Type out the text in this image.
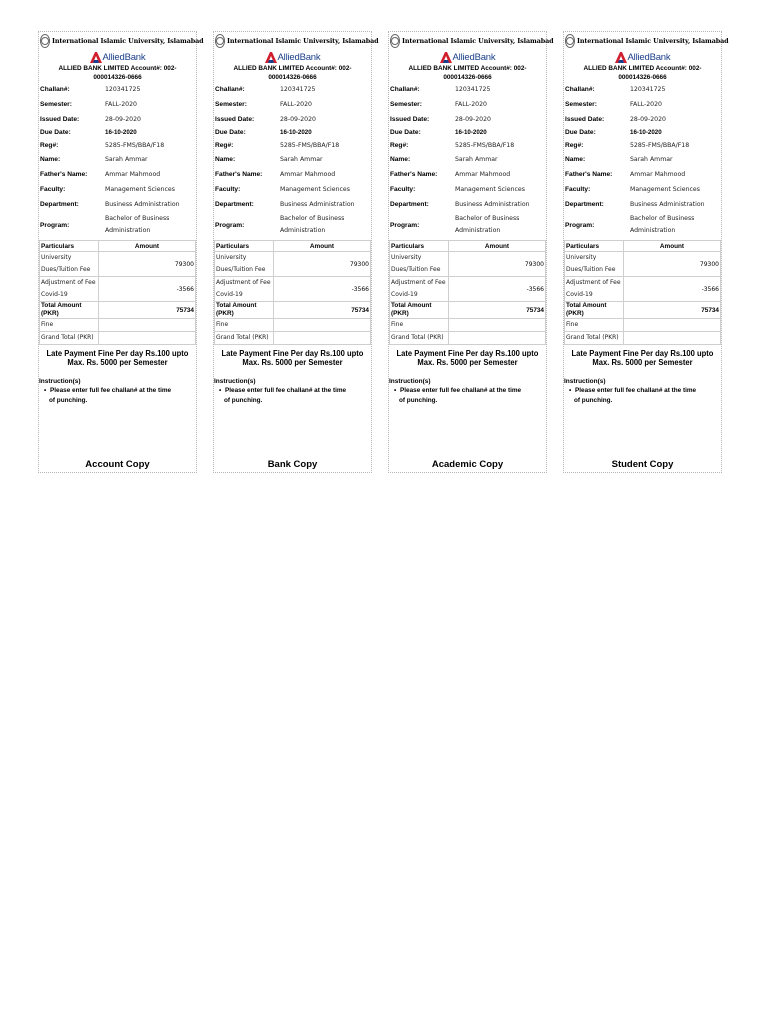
International Islamic University, Islamabad
AlliedBank
ALLIED BANK LIMITED Account#: 002-
000014326-0666
Challan#:	120341725
Semester:	FALL-2020
Issued Date:	28-09-2020
Due Date:	16-10-2020
Reg#:	5285-FMS/BBA/F18
Name:	Sarah Ammar
Father's Name:	Ammar Mahmood
Faculty:	Management Sciences
Department:	Business Administration
Program:	Bachelor of Business Administration
Particulars	Amount
University Dues/Tuition Fee	79300
Adjustment of Fee Covid-19	-3566
Total Amount (PKR)	75734
Fine	
Grand Total (PKR)	
Late Payment Fine Per day Rs.100 upto Max. Rs. 5000 per Semester
Instruction(s)
• Please enter full fee challan# at the time
of punching.
Account Copy
International Islamic University, Islamabad
AlliedBank
ALLIED BANK LIMITED Account#: 002-
000014326-0666
Challan#:	120341725
Semester:	FALL-2020
Issued Date:	28-09-2020
Due Date:	16-10-2020
Reg#:	5285-FMS/BBA/F18
Name:	Sarah Ammar
Father's Name:	Ammar Mahmood
Faculty:	Management Sciences
Department:	Business Administration
Program:	Bachelor of Business Administration
Particulars	Amount
University Dues/Tuition Fee	79300
Adjustment of Fee Covid-19	-3566
Total Amount (PKR)	75734
Fine	
Grand Total (PKR)	
Late Payment Fine Per day Rs.100 upto Max. Rs. 5000 per Semester
Instruction(s)
• Please enter full fee challan# at the time
of punching.
Bank Copy
International Islamic University, Islamabad
AlliedBank
ALLIED BANK LIMITED Account#: 002-
000014326-0666
Challan#:	120341725
Semester:	FALL-2020
Issued Date:	28-09-2020
Due Date:	16-10-2020
Reg#:	5285-FMS/BBA/F18
Name:	Sarah Ammar
Father's Name:	Ammar Mahmood
Faculty:	Management Sciences
Department:	Business Administration
Program:	Bachelor of Business Administration
Particulars	Amount
University Dues/Tuition Fee	79300
Adjustment of Fee Covid-19	-3566
Total Amount (PKR)	75734
Fine	
Grand Total (PKR)	
Late Payment Fine Per day Rs.100 upto Max. Rs. 5000 per Semester
Instruction(s)
• Please enter full fee challan# at the time
of punching.
Academic Copy
International Islamic University, Islamabad
AlliedBank
ALLIED BANK LIMITED Account#: 002-
000014326-0666
Challan#:	120341725
Semester:	FALL-2020
Issued Date:	28-09-2020
Due Date:	16-10-2020
Reg#:	5285-FMS/BBA/F18
Name:	Sarah Ammar
Father's Name:	Ammar Mahmood
Faculty:	Management Sciences
Department:	Business Administration
Program:	Bachelor of Business Administration
Particulars	Amount
University Dues/Tuition Fee	79300
Adjustment of Fee Covid-19	-3566
Total Amount (PKR)	75734
Fine	
Grand Total (PKR)	
Late Payment Fine Per day Rs.100 upto Max. Rs. 5000 per Semester
Instruction(s)
• Please enter full fee challan# at the time
of punching.
Student Copy
